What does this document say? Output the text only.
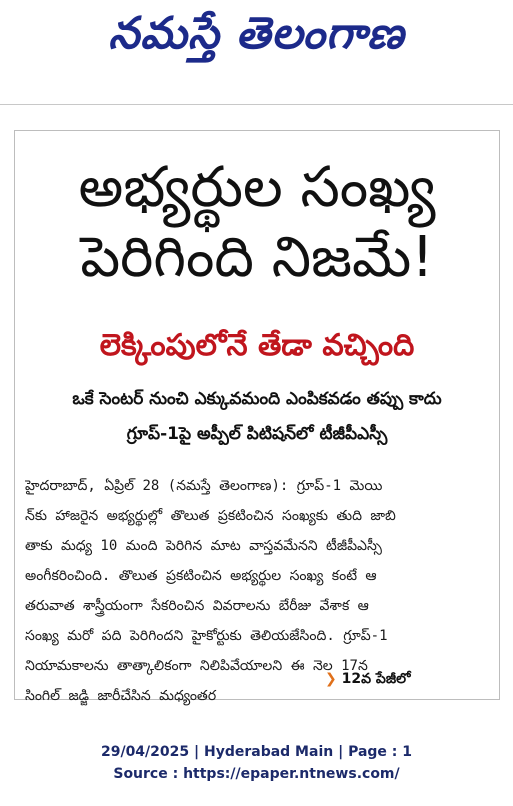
నమస్తే తెలంగాణ
అభ్యర్థుల సంఖ్య
పెరిగింది నిజమే!
లెక్కింపులోనే తేడా వచ్చింది
ఒకే సెంటర్ నుంచి ఎక్కువమంది ఎంపికవడం తప్పు కాదు
గ్రూప్-1పై అప్పీల్ పిటిషన్‌లో టీజీపీఎస్సీ
హైదరాబాద్, ఏప్రిల్ 28 (నమస్తే తెలంగాణ): గ్రూప్-1 మెయి
న్‌కు హాజరైన అభ్యర్థుల్లో తొలుత ప్రకటించిన సంఖ్యకు తుది జాబి
తాకు మధ్య 10 మంది పెరిగిన మాట వాస్తవమేనని టీజీపీఎస్సీ
అంగీకరించింది. తొలుత ప్రకటించిన అభ్యర్థుల సంఖ్య కంటే ఆ
తరువాత శాస్త్రీయంగా సేకరించిన వివరాలను బేరీజు వేశాక ఆ
సంఖ్య మరో పది పెరిగిందని హైకోర్టుకు తెలియజేసింది. గ్రూప్-1
నియామకాలను తాత్కాలికంగా నిలిపివేయాలని ఈ నెల 17న
సింగిల్ జడ్జి జారీచేసిన మధ్యంతర
❯ 12వ పేజీలో
29/04/2025 | Hyderabad Main | Page : 1
Source : https://epaper.ntnews.com/
